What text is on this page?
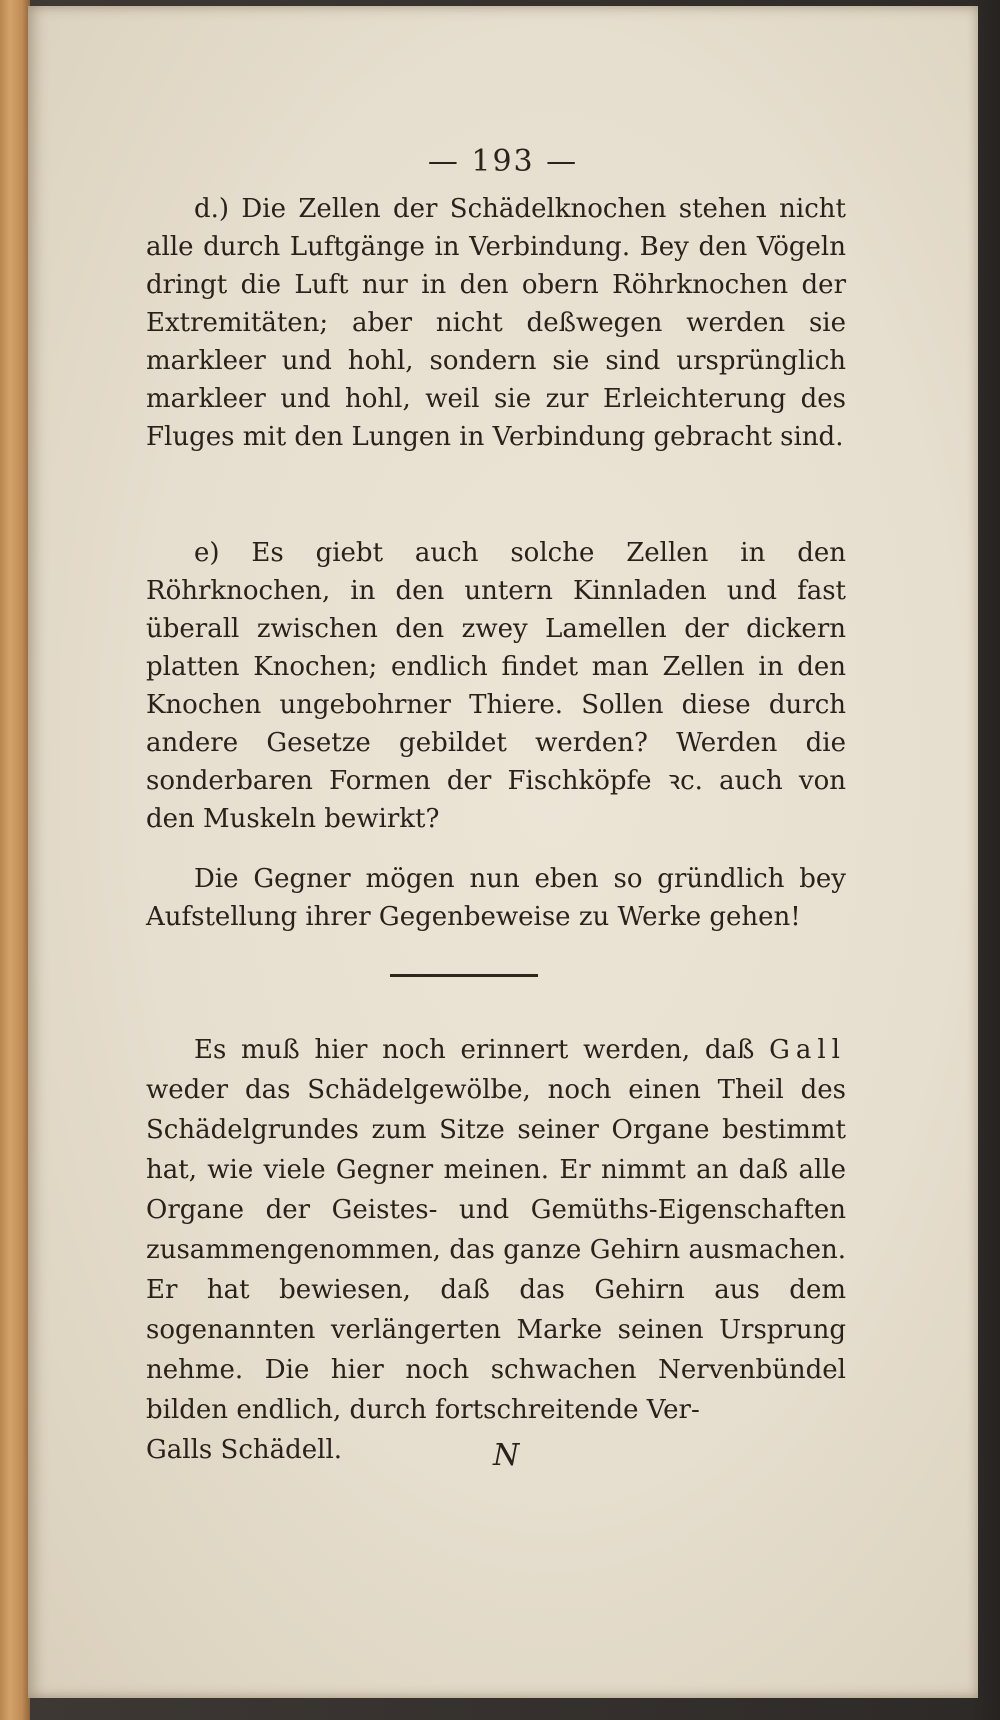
— 193 —
d.) Die Zellen der Schädelknochen stehen nicht alle durch Luftgänge in Verbindung. Bey den Vögeln dringt die Luft nur in den obern Röhrknochen der Extremitäten; aber nicht deßwegen werden sie markleer und hohl, sondern sie sind ursprünglich markleer und hohl, weil sie zur Erleichterung des Fluges mit den Lungen in Verbindung gebracht sind.
e) Es giebt auch solche Zellen in den Röhrknochen, in den untern Kinnladen und fast überall zwischen den zwey Lamellen der dickern platten Knochen; endlich findet man Zellen in den Knochen ungebohrner Thiere. Sollen diese durch andere Gesetze gebildet werden? Werden die sonderbaren Formen der Fischköpfe ꝛc. auch von den Muskeln bewirkt?
Die Gegner mögen nun eben so gründlich bey Aufstellung ihrer Gegenbeweise zu Werke gehen!
Es muß hier noch erinnert werden, daß Gall weder das Schädelgewölbe, noch einen Theil des Schädelgrundes zum Sitze seiner Organe bestimmt hat, wie viele Gegner meinen. Er nimmt an daß alle Organe der Geistes- und Gemüths-Eigenschaften zusammengenommen, das ganze Gehirn ausmachen. Er hat bewiesen, daß das Gehirn aus dem sogenannten verlängerten Marke seinen Ursprung nehme. Die hier noch schwachen Nervenbündel bilden endlich, durch fortschreitende Ver-
Galls Schädell.	N
